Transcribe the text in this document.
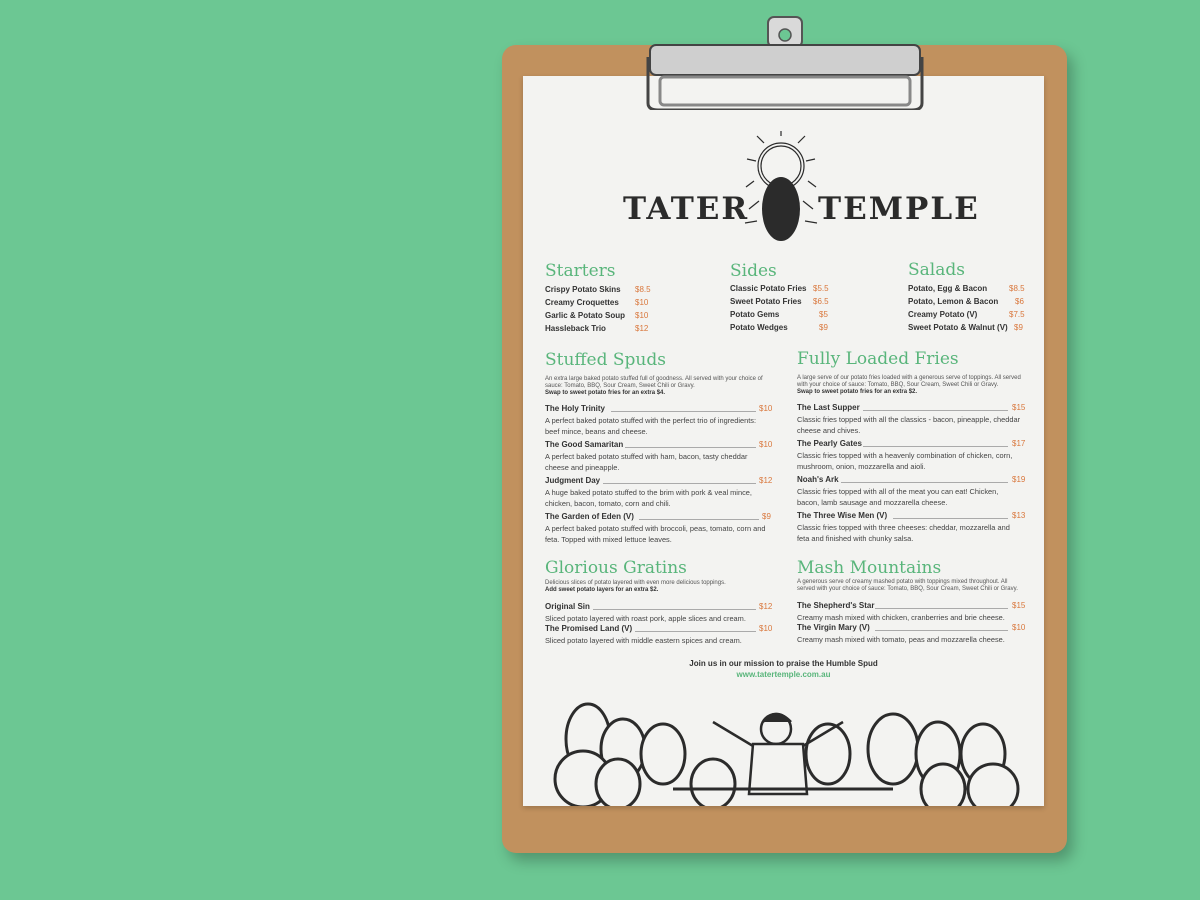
TATER TEMPLE
Starters
Crispy Potato Skins $8.5
Creamy Croquettes $10
Garlic & Potato Soup $10
Hassleback Trio	$12
Sides
Classic Potato Fries $5.5
Sweet Potato Fries $6.5
Potato Gems	$5
Potato Wedges	$9
Salads
Potato, Egg & Bacon	$8.5
Potato, Lemon & Bacon $6
Creamy Potato (V)	$7.5
Sweet Potato & Walnut (V) $9
Stuffed Spuds
An extra large baked potato stuffed full of goodness. All served with your choice of sauce: Tomato, BBQ, Sour Cream, Sweet Chili or Gravy.
Swap to sweet potato fries for an extra $4.
The Holy Trinity	$10
A perfect baked potato stuffed with the perfect trio of ingredients: beef mince, beans and cheese.
The Good Samaritan	$10
A perfect baked potato stuffed with ham, bacon, tasty cheddar cheese and pineapple.
Judgment Day	$12
A huge baked potato stuffed to the brim with pork & veal mince, chicken, bacon, tomato, corn and chili.
The Garden of Eden (V)	$9
A perfect baked potato stuffed with broccoli, peas, tomato, corn and feta. Topped with mixed lettuce leaves.
Fully Loaded Fries
A large serve of our potato fries loaded with a generous serve of toppings. All served with your choice of sauce: Tomato, BBQ, Sour Cream, Sweet Chili or Gravy.
Swap to sweet potato fries for an extra $2.
The Last Supper	$15
Classic fries topped with all the classics - bacon, pineapple, cheddar cheese and chives.
The Pearly Gates	$17
Classic fries topped with a heavenly combination of chicken, corn, mushroom, onion, mozzarella and aioli.
Noah's Ark	$19
Classic fries topped with all of the meat you can eat! Chicken, bacon, lamb sausage and mozzarella cheese.
The Three Wise Men (V)	$13
Classic fries topped with three cheeses: cheddar, mozzarella and feta and finished with chunky salsa.
Glorious Gratins
Delicious slices of potato layered with even more delicious toppings.
Add sweet potato layers for an extra $2.
Original Sin	$12
Sliced potato layered with roast pork, apple slices and cream.
The Promised Land (V)	$10
Sliced potato layered with middle eastern spices and cream.
Mash Mountains
A generous serve of creamy mashed potato with toppings mixed throughout. All served with your choice of sauce: Tomato, BBQ, Sour Cream, Sweet Chili or Gravy.
The Shepherd's Star	$15
Creamy mash mixed with chicken, cranberries and brie cheese.
The Virgin Mary (V)	$10
Creamy mash mixed with tomato, peas and mozzarella cheese.
Join us in our mission to praise the Humble Spud
www.tatertemple.com.au
